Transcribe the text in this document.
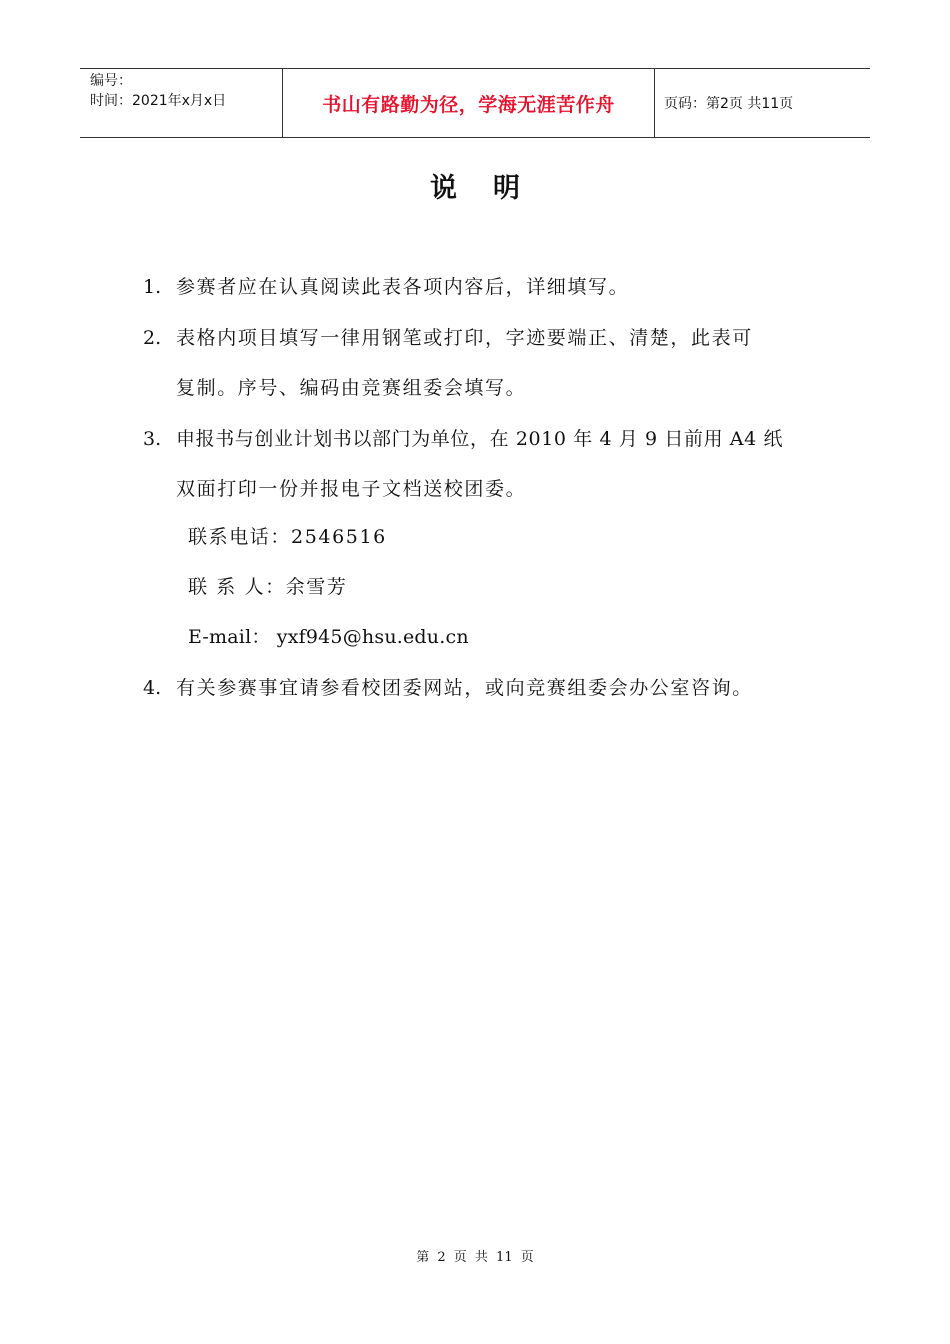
编号：
时间：2021年x月x日	书山有路勤为径，学海无涯苦作舟	页码：第2页 共11页
说明
1. 参赛者应在认真阅读此表各项内容后，详细填写。
2. 表格内项目填写一律用钢笔或打印，字迹要端正、清楚，此表可
复制。序号、编码由竞赛组委会填写。
3. 申报书与创业计划书以部门为单位，在 2010 年 4 月 9 日前用 A4 纸
双面打印一份并报电子文档送校团委。
联系电话：2546516
联 系 人：余雪芳
E-mail： yxf945@hsu.edu.cn
4. 有关参赛事宜请参看校团委网站，或向竞赛组委会办公室咨询。
第 2 页 共 11 页
